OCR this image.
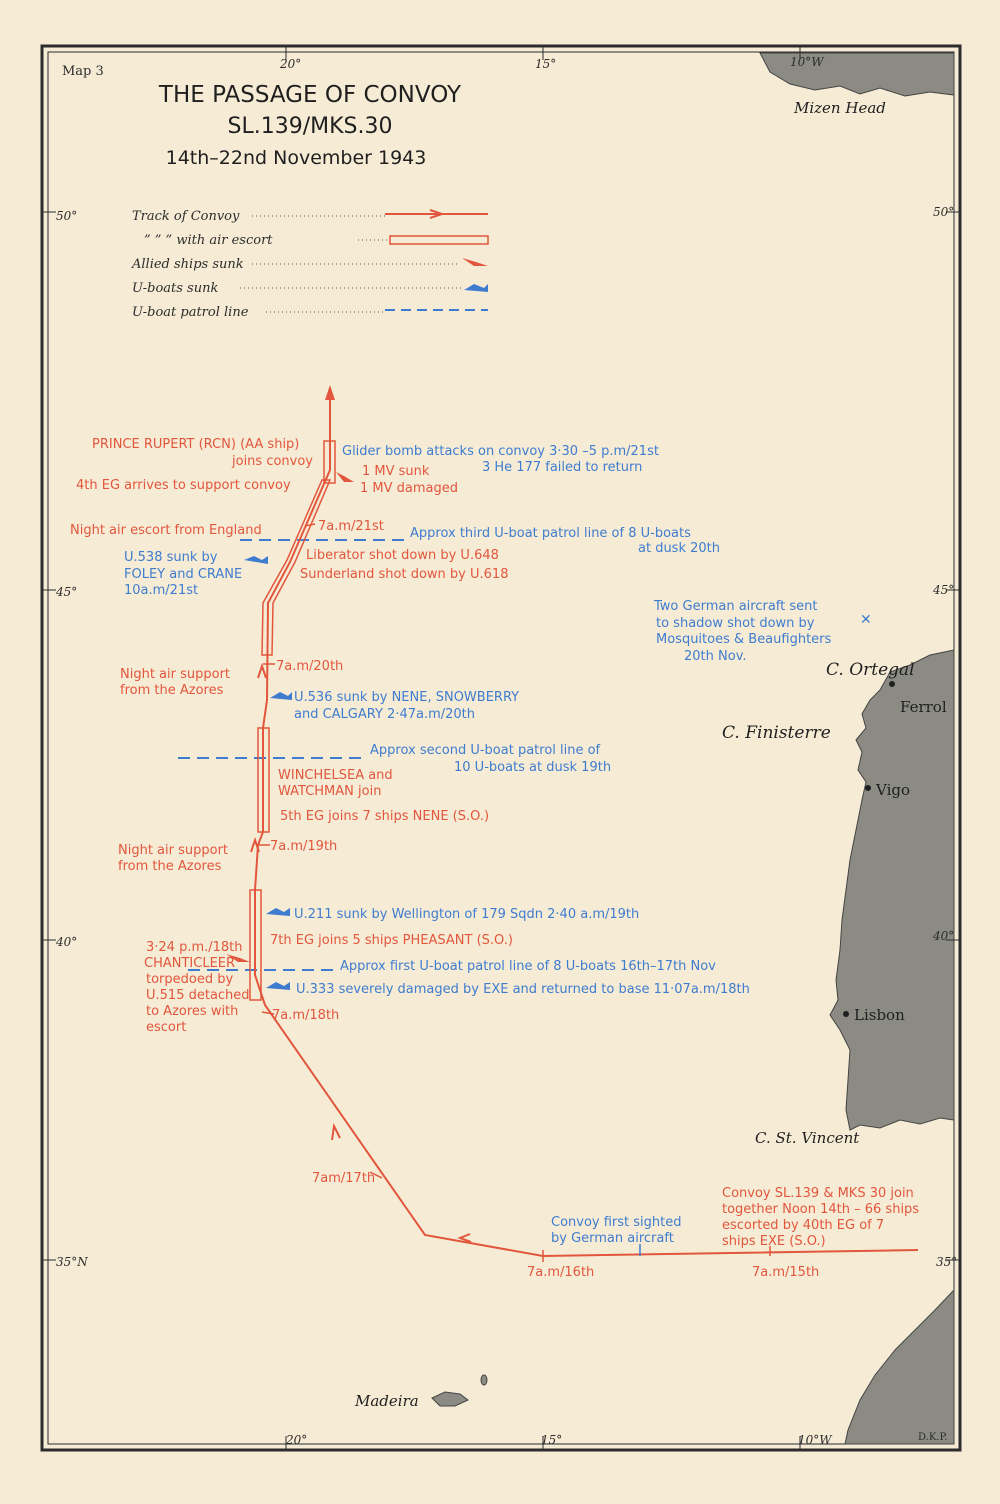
20°	15°	10°W
20°	15°	10°W
50°
45°
40°
35°N
50°
45°
40°
35°
Map 3
THE PASSAGE OF CONVOY
SL.139/MKS.30
14th–22nd November 1943
Track of Convoy
” ” ” with air escort
Allied ships sunk
U-boats sunk
U-boat patrol line
✕
Mizen Head
C. Ortegal
Ferrol
C. Finisterre
Vigo
Lisbon
C. St. Vincent
Madeira
7a.m/15th
7a.m/16th
7am/17th
7a.m/18th
7a.m/19th
7a.m/20th
7a.m/21st
Convoy SL.139 & MKS 30 join
together Noon 14th – 66 ships
escorted by 40th EG of 7
ships EXE (S.O.)
3·24 p.m./18th
CHANTICLEER
torpedoed by
U.515 detached
to Azores with
escort
7th EG joins 5 ships PHEASANT (S.O.)
Night air support
from the Azores
5th EG joins 7 ships NENE (S.O.)
WINCHELSEA and
WATCHMAN join
Night air support
from the Azores
Night air escort from England
Liberator shot down by U.648
Sunderland shot down by U.618
4th EG arrives to support convoy
PRINCE RUPERT (RCN) (AA ship)
joins convoy
1 MV sunk
1 MV damaged
Convoy first sighted
by German aircraft
U.333 severely damaged by EXE and returned to base 11·07a.m/18th
Approx first U-boat patrol line of 8 U-boats 16th–17th Nov
U.211 sunk by Wellington of 179 Sqdn 2·40 a.m/19th
Approx second U-boat patrol line of
10 U-boats at dusk 19th
U.536 sunk by NENE, SNOWBERRY
and CALGARY 2·47a.m/20th
Two German aircraft sent
to shadow shot down by
Mosquitoes & Beaufighters
20th Nov.
U.538 sunk by
FOLEY and CRANE
10a.m/21st
Approx third U-boat patrol line of 8 U-boats
at dusk 20th
Glider bomb attacks on convoy 3·30 –5 p.m/21st
3 He 177 failed to return
D.K.P.
